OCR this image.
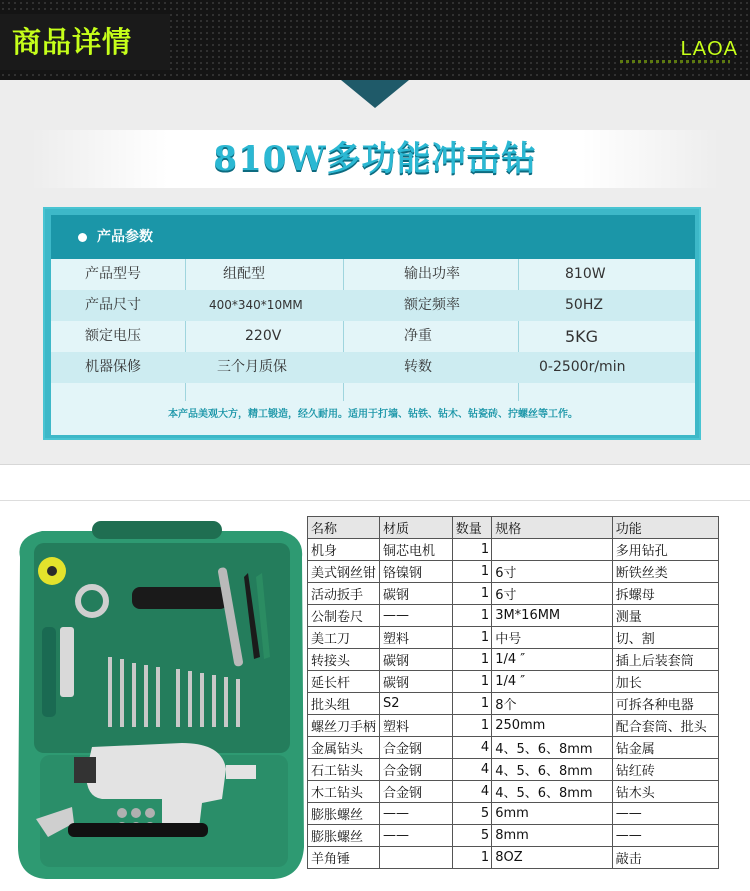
商品详情	LAOA
810W多功能冲击钻
产品参数
产品型号	组配型	输出功率	810W
产品尺寸	400*340*10MM	额定频率	50HZ
额定电压	220V	净重	5KG
机器保修	三个月质保	转数	0-2500r/min
本产品美观大方，精工锻造，经久耐用。适用于打墙、钻铁、钻木、钻瓷砖、拧螺丝等工作。
名称	材质	数量	规格	功能
机身	铜芯电机	1		多用钻孔
美式钢丝钳	铬镍钢	1	6寸	断铁丝类
活动扳手	碳钢	1	6寸	拆螺母
公制卷尺	——	1	3M*16MM	测量
美工刀	塑料	1	中号	切、割
转接头	碳钢	1	1/4 ″	插上后装套筒
延长杆	碳钢	1	1/4 ″	加长
批头组	S2	1	8个	可拆各种电器
螺丝刀手柄	塑料	1	250mm	配合套筒、批头
金属钻头	合金钢	4	4、5、6、8mm	钻金属
石工钻头	合金钢	4	4、5、6、8mm	钻红砖
木工钻头	合金钢	4	4、5、6、8mm	钻木头
膨胀螺丝	——	5	6mm	——
膨胀螺丝	——	5	8mm	——
羊角锤		1	8OZ	敲击
